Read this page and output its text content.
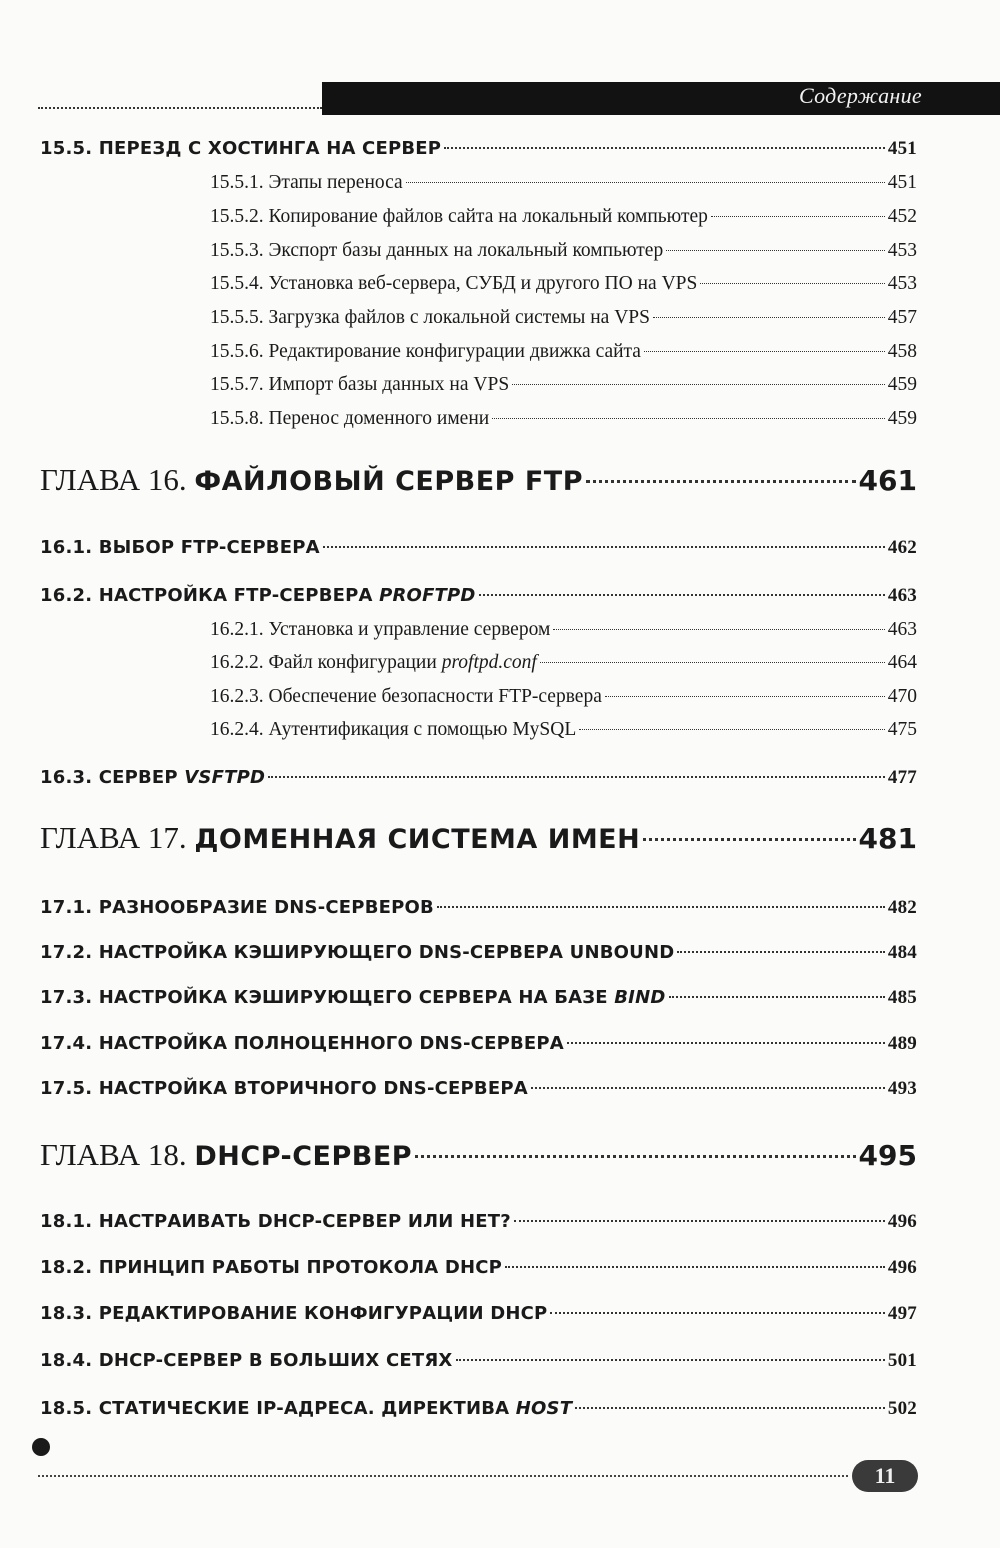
Содержание
15.5. ПЕРЕЗД С ХОСТИНГА НА СЕРВЕР	451
15.5.1. Этапы переноса	451
15.5.2. Копирование файлов сайта на локальный компьютер	452
15.5.3. Экспорт базы данных на локальный компьютер	453
15.5.4. Установка веб-сервера, СУБД и другого ПО на VPS	453
15.5.5. Загрузка файлов с локальной системы на VPS	457
15.5.6. Редактирование конфигурации движка сайта	458
15.5.7. Импорт базы данных на VPS	459
15.5.8. Перенос доменного имени	459
ГЛАВА 16. ФАЙЛОВЫЙ СЕРВЕР FTP	461
16.1. ВЫБОР FTP-СЕРВЕРА	462
16.2. НАСТРОЙКА FTP-СЕРВЕРА PROFTPD	463
16.2.1. Установка и управление сервером	463
16.2.2. Файл конфигурации proftpd.conf	464
16.2.3. Обеспечение безопасности FTP-сервера	470
16.2.4. Аутентификация с помощью MySQL	475
16.3. СЕРВЕР VSFTPD	477
ГЛАВА 17. ДОМЕННАЯ СИСТЕМА ИМЕН	481
17.1. РАЗНООБРАЗИЕ DNS-СЕРВЕРОВ	482
17.2. НАСТРОЙКА КЭШИРУЮЩЕГО DNS-СЕРВЕРА UNBOUND	484
17.3. НАСТРОЙКА КЭШИРУЮЩЕГО СЕРВЕРА НА БАЗЕ BIND	485
17.4. НАСТРОЙКА ПОЛНОЦЕННОГО DNS-СЕРВЕРА	489
17.5. НАСТРОЙКА ВТОРИЧНОГО DNS-СЕРВЕРА	493
ГЛАВА 18. DHCP-СЕРВЕР	495
18.1. НАСТРАИВАТЬ DHCP-СЕРВЕР ИЛИ НЕТ?	496
18.2. ПРИНЦИП РАБОТЫ ПРОТОКОЛА DHCP	496
18.3. РЕДАКТИРОВАНИЕ КОНФИГУРАЦИИ DHCP	497
18.4. DHCP-СЕРВЕР В БОЛЬШИХ СЕТЯХ	501
18.5. СТАТИЧЕСКИЕ IP-АДРЕСА. ДИРЕКТИВА HOST	502
11
